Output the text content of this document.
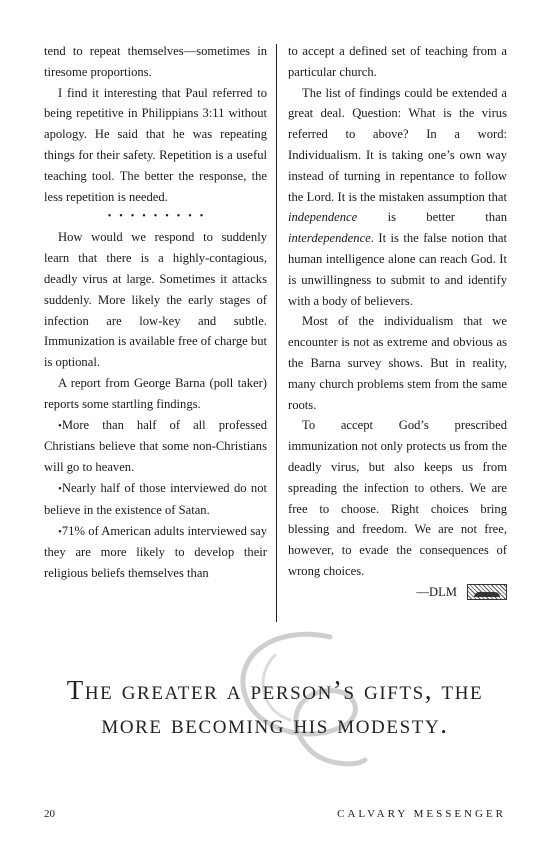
tend to repeat themselves—sometimes in tiresome proportions.

I find it interesting that Paul referred to being repetitive in Philippians 3:11 without apology. He said that he was repeating things for their safety. Repetition is a useful teaching tool. The better the response, the less repetition is needed.

•••••••••

How would we respond to suddenly learn that there is a highly-contagious, deadly virus at large. Sometimes it attacks suddenly. More likely the early stages of infection are low-key and subtle. Immunization is available free of charge but is optional.

A report from George Barna (poll taker) reports some startling findings.

•More than half of all professed Christians believe that some non-Christians will go to heaven.

•Nearly half of those interviewed do not believe in the existence of Satan.

•71% of American adults interviewed say they are more likely to develop their religious beliefs themselves than

to accept a defined set of teaching from a particular church.

The list of findings could be extended a great deal. Question: What is the virus referred to above? In a word: Individualism. It is taking one’s own way instead of turning in repentance to follow the Lord. It is the mistaken assumption that independence is better than interdependence. It is the false notion that human intelligence alone can reach God. It is unwillingness to submit to and identify with a body of believers.

Most of the individualism that we encounter is not as extreme and obvious as the Barna survey shows. But in reality, many church problems stem from the same roots.

To accept God’s prescribed immunization not only protects us from the deadly virus, but also keeps us from spreading the infection to others. We are free to choose. Right choices bring blessing and freedom. We are not free, however, to evade the consequences of wrong choices.

—DLM
The greater a person’s gifts, the
more becoming his modesty.
20	CALVARY MESSENGER
